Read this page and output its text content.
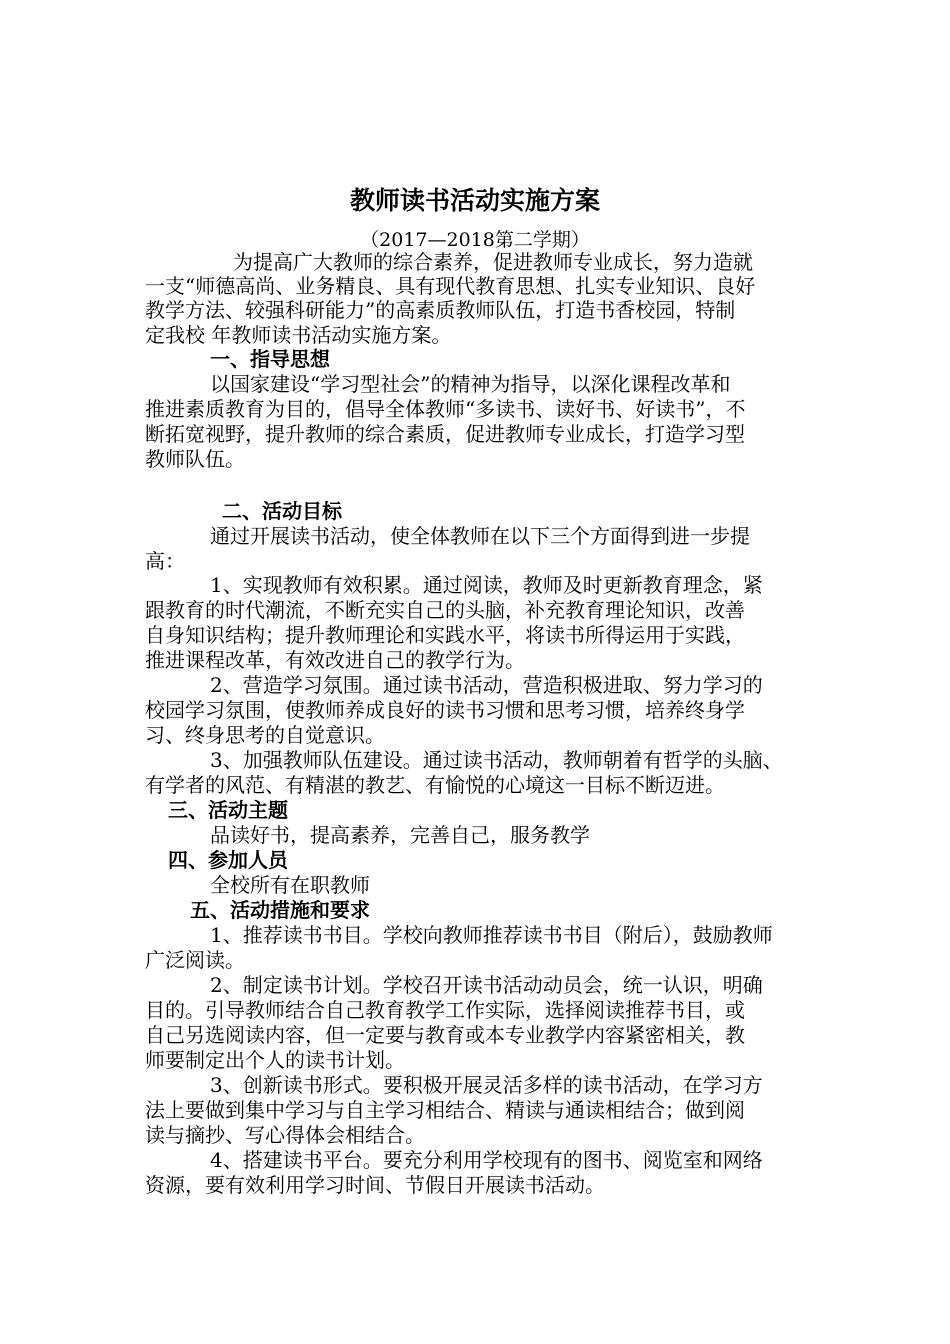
教师读书活动实施方案
（2017—2018第二学期）
为提高广大教师的综合素养，促进教师专业成长，努力造就
一支“师德高尚、业务精良、具有现代教育思想、扎实专业知识、良好
教学方法、较强科研能力”的高素质教师队伍，打造书香校园，特制
定我校 年教师读书活动实施方案。
一、指导思想
以国家建设“学习型社会”的精神为指导，以深化课程改革和
推进素质教育为目的，倡导全体教师“多读书、读好书、好读书”，不
断拓宽视野，提升教师的综合素质，促进教师专业成长，打造学习型
教师队伍。
二、活动目标
通过开展读书活动，使全体教师在以下三个方面得到进一步提
高：
1、实现教师有效积累。通过阅读，教师及时更新教育理念，紧
跟教育的时代潮流，不断充实自己的头脑，补充教育理论知识，改善
自身知识结构；提升教师理论和实践水平，将读书所得运用于实践，
推进课程改革，有效改进自己的教学行为。
2、营造学习氛围。通过读书活动，营造积极进取、努力学习的
校园学习氛围，使教师养成良好的读书习惯和思考习惯，培养终身学
习、终身思考的自觉意识。
3、加强教师队伍建设。通过读书活动，教师朝着有哲学的头脑、
有学者的风范、有精湛的教艺、有愉悦的心境这一目标不断迈进。
三、活动主题
品读好书，提高素养，完善自己，服务教学
四、参加人员
全校所有在职教师
五、活动措施和要求
1、推荐读书书目。学校向教师推荐读书书目（附后），鼓励教师
广泛阅读。
2、制定读书计划。学校召开读书活动动员会，统一认识，明确
目的。引导教师结合自己教育教学工作实际，选择阅读推荐书目，或
自己另选阅读内容，但一定要与教育或本专业教学内容紧密相关，教
师要制定出个人的读书计划。
3、创新读书形式。要积极开展灵活多样的读书活动，在学习方
法上要做到集中学习与自主学习相结合、精读与通读相结合；做到阅
读与摘抄、写心得体会相结合。
4、搭建读书平台。要充分利用学校现有的图书、阅览室和网络
资源，要有效利用学习时间、节假日开展读书活动。
